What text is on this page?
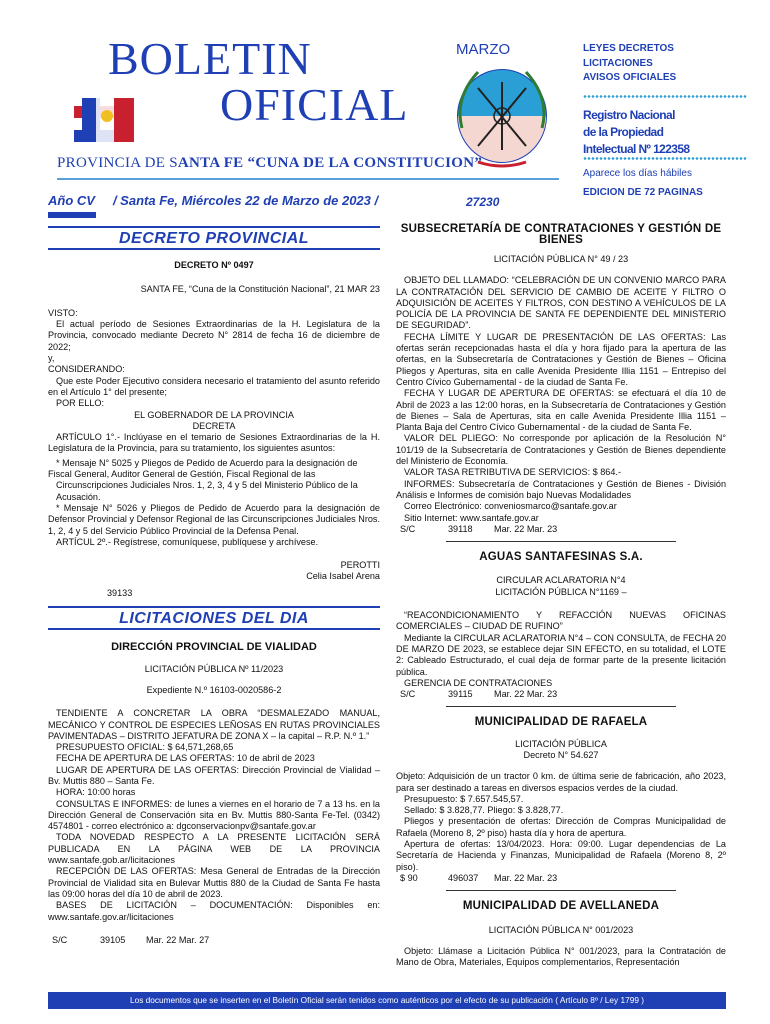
BOLETIN
OFICIAL
MARZO	LEYES DECRETOS
LICITACIONES
AVISOS OFICIALES
Registro Nacional
de la Propiedad
Intelectual Nº 122358
Aparece los días hábiles
EDICION DE 72 PAGINAS
PROVINCIA DE SANTA FE “CUNA DE LA CONSTITUCION”
Año CV / Santa Fe, Miércoles 22 de Marzo de 2023 /	27230
DECRETO PROVINCIAL
DECRETO Nº 0497
SANTA FE, “Cuna de la Constitución Nacional”, 21 MAR 23
VISTO:
El actual período de Sesiones Extraordinarias de la H. Legislatura de la Provincia, convocado mediante Decreto N° 2814 de fecha 16 de diciembre de 2022;
y,
CONSIDERANDO:
Que este Poder Ejecutivo considera necesario el tratamiento del asunto referido en el Artículo 1° del presente;
POR ELLO:
EL GOBERNADOR DE LA PROVINCIA
DECRETA
ARTÍCULO 1°.- Inclúyase en el temario de Sesiones Extraordinarias de la H. Legislatura de la Provincia, para su tratamiento, los siguientes asuntos:
* Mensaje N° 5025 y Pliegos de Pedido de Acuerdo para la designación de
Fiscal General, Auditor General de Gestión, Fiscal Regional de las
Circunscripciones Judiciales Nros. 1, 2, 3, 4 y 5 del Ministerio Público de la
Acusación.
* Mensaje N° 5026 y Pliegos de Pedido de Acuerdo para la designación de Defensor Provincial y Defensor Regional de las Circunscripciones Judiciales Nros. 1, 2, 4 y 5 del Servicio Público Provincial de la Defensa Penal.
ARTÍCUL 2º.- Regístrese, comuníquese, publíquese y archívese.
PEROTTI
Celia Isabel Arena
39133
LICITACIONES DEL DIA
DIRECCIÓN PROVINCIAL DE VIALIDAD
LICITACIÓN PÚBLICA Nº 11/2023
Expediente N.º 16103-0020586-2
TENDIENTE A CONCRETAR LA OBRA “DESMALEZADO MANUAL, MECÁNICO Y CONTROL DE ESPECIES LEÑOSAS EN RUTAS PROVINCIALES PAVIMENTADAS – DISTRITO JEFATURA DE ZONA X – la capital – R.P. N.º 1.”
PRESUPUESTO OFICIAL: $ 64,571,268,65
FECHA DE APERTURA DE LAS OFERTAS: 10 de abril de 2023
LUGAR DE APERTURA DE LAS OFERTAS: Dirección Provincial de Vialidad – Bv. Muttis 880 – Santa Fe.
HORA: 10:00 horas
CONSULTAS E INFORMES: de lunes a viernes en el horario de 7 a 13 hs. en la Dirección General de Conservación sita en Bv. Muttis 880-Santa Fe-Tel. (0342) 4574801 - correo electrónico a: dgconservacionpv@santafe.gov.ar
TODA NOVEDAD RESPECTO A LA PRESENTE LICITACIÓN SERÁ PUBLICADA EN LA PÁGINA WEB DE LA PROVINCIA www.santafe.gob.ar/licitaciones
RECEPCIÓN DE LAS OFERTAS: Mesa General de Entradas de la Dirección Provincial de Vialidad sita en Bulevar Muttis 880 de la Ciudad de Santa Fe hasta las 09:00 horas del día 10 de abril de 2023.
BASES DE LICITACIÓN – DOCUMENTACIÓN: Disponibles en: www.santafe.gov.ar/licitaciones
S/C	39105	Mar. 22 Mar. 27
SUBSECRETARÍA DE CONTRATACIONES Y GESTIÓN DE BIENES
LICITACIÓN PÚBLICA N° 49 / 23
OBJETO DEL LLAMADO: “CELEBRACIÓN DE UN CONVENIO MARCO PARA LA CONTRATACIÓN DEL SERVICIO DE CAMBIO DE ACEITE Y FILTRO O ADQUISICIÓN DE ACEITES Y FILTROS, CON DESTINO A VEHÍCULOS DE LA POLICÍA DE LA PROVINCIA DE SANTA FE DEPENDIENTE DEL MINISTERIO DE SEGURIDAD”.
FECHA LÍMITE Y LUGAR DE PRESENTACIÓN DE LAS OFERTAS: Las ofertas serán recepcionadas hasta el día y hora fijado para la apertura de las ofertas, en la Subsecretaría de Contrataciones y Gestión de Bienes – Oficina Pliegos y Aperturas, sita en calle Avenida Presidente Illia 1151 – Entrepiso del Centro Cívico Gubernamental - de la ciudad de Santa Fe.
FECHA Y LUGAR DE APERTURA DE OFERTAS: se efectuará el día 10 de Abril de 2023 a las 12:00 horas, en la Subsecretaría de Contrataciones y Gestión de Bienes – Sala de Aperturas, sita en calle Avenida Presidente Illia 1151 – Planta Baja del Centro Cívico Gubernamental - de la ciudad de Santa Fe.
VALOR DEL PLIEGO: No corresponde por aplicación de la Resolución N° 101/19 de la Subsecretaría de Contrataciones y Gestión de Bienes dependiente del Ministerio de Economía.
VALOR TASA RETRIBUTIVA DE SERVICIOS: $ 864.-
INFORMES: Subsecretaría de Contrataciones y Gestión de Bienes - División Análisis e Informes de comisión bajo Nuevas Modalidades
Correo Electrónico: conveniosmarco@santafe.gov.ar
Sitio Internet: www.santafe.gov.ar
S/C	39118	Mar. 22 Mar. 23
AGUAS SANTAFESINAS S.A.
CIRCULAR ACLARATORIA N°4
LICITACIÓN PÚBLICA N°1169 –
“REACONDICIONAMIENTO Y REFACCIÓN NUEVAS OFICINAS COMERCIALES – CIUDAD DE RUFINO”
Mediante la CIRCULAR ACLARATORIA N°4 – CON CONSULTA, de FECHA 20 DE MARZO DE 2023, se establece dejar SIN EFECTO, en su totalidad, el LOTE 2: Cableado Estructurado, el cual deja de formar parte de la presente licitación pública.
GERENCIA DE CONTRATACIONES
S/C	39115	Mar. 22 Mar. 23
MUNICIPALIDAD DE RAFAELA
LICITACIÓN PÚBLICA
Decreto N° 54.627
Objeto: Adquisición de un tractor 0 km. de última serie de fabricación, año 2023, para ser destinado a tareas en diversos espacios verdes de la ciudad.
Presupuesto: $ 7.657.545,57.
Sellado: $ 3.828,77. Pliego: $ 3.828,77.
Pliegos y presentación de ofertas: Dirección de Compras Municipalidad de Rafaela (Moreno 8, 2º piso) hasta día y hora de apertura.
Apertura de ofertas: 13/04/2023. Hora: 09:00. Lugar dependencias de La Secretaría de Hacienda y Finanzas, Municipalidad de Rafaela (Moreno 8, 2º piso).
$ 90	496037	Mar. 22 Mar. 23
MUNICIPALIDAD DE AVELLANEDA
LICITACIÓN PÚBLICA N° 001/2023
Objeto: Llámase a Licitación Pública N° 001/2023, para la Contratación de Mano de Obra, Materiales, Equipos complementarios, Representación
Los documentos que se inserten en el Boletín Oficial serán tenidos como auténticos por el efecto de su publicación ( Artículo 8º / Ley 1799 )
